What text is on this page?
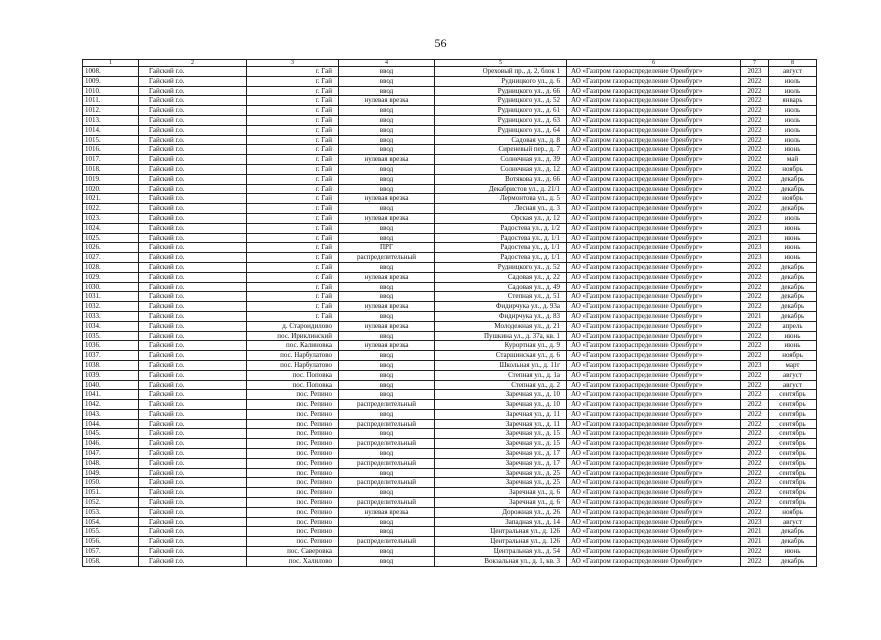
56
1	2	3	4	5	6	7	8
1008.	Гайский г.о.	г. Гай	ввод	Ореховый пр., д. 2, блок 1	АО «Газпром газораспределение Оренбург»	2023	август
1009.	Гайский г.о.	г. Гай	ввод	Рудницкого ул., д. 6	АО «Газпром газораспределение Оренбург»	2022	июль
1010.	Гайский г.о.	г. Гай	ввод	Рудницкого ул., д. 66	АО «Газпром газораспределение Оренбург»	2022	июль
1011.	Гайский г.о.	г. Гай	нулевая врезка	Рудницкого ул., д. 52	АО «Газпром газораспределение Оренбург»	2022	январь
1012.	Гайский г.о.	г. Гай	ввод	Рудницкого ул., д. 61	АО «Газпром газораспределение Оренбург»	2022	июль
1013.	Гайский г.о.	г. Гай	ввод	Рудницкого ул., д. 63	АО «Газпром газораспределение Оренбург»	2022	июль
1014.	Гайский г.о.	г. Гай	ввод	Рудницкого ул., д. 64	АО «Газпром газораспределение Оренбург»	2022	июль
1015.	Гайский г.о.	г. Гай	ввод	Садовая ул., д. 8	АО «Газпром газораспределение Оренбург»	2022	июль
1016.	Гайский г.о.	г. Гай	ввод	Сиреневый пер., д. 7	АО «Газпром газораспределение Оренбург»	2022	июнь
1017.	Гайский г.о.	г. Гай	нулевая врезка	Солнечная ул., д. 39	АО «Газпром газораспределение Оренбург»	2022	май
1018.	Гайский г.о.	г. Гай	ввод	Солнечная ул., д. 12	АО «Газпром газораспределение Оренбург»	2022	ноябрь
1019.	Гайский г.о.	г. Гай	ввод	Вотякова ул., д. 66	АО «Газпром газораспределение Оренбург»	2022	декабрь
1020.	Гайский г.о.	г. Гай	ввод	Декабристов ул., д. 21/1	АО «Газпром газораспределение Оренбург»	2022	декабрь
1021.	Гайский г.о.	г. Гай	нулевая врезка	Лермонтова ул., д. 5	АО «Газпром газораспределение Оренбург»	2022	ноябрь
1022.	Гайский г.о.	г. Гай	ввод	Лесная ул., д. 3	АО «Газпром газораспределение Оренбург»	2022	декабрь
1023.	Гайский г.о.	г. Гай	нулевая врезка	Орская ул., д. 12	АО «Газпром газораспределение Оренбург»	2022	июль
1024.	Гайский г.о.	г. Гай	ввод	Радостева ул., д. 1/2	АО «Газпром газораспределение Оренбург»	2023	июнь
1025.	Гайский г.о.	г. Гай	ввод	Радостева ул., д. 1/1	АО «Газпром газораспределение Оренбург»	2023	июнь
1026.	Гайский г.о.	г. Гай	ПРГ	Радостева ул., д. 1/1	АО «Газпром газораспределение Оренбург»	2023	июнь
1027.	Гайский г.о.	г. Гай	распределительный	Радостева ул., д. 1/1	АО «Газпром газораспределение Оренбург»	2023	июнь
1028.	Гайский г.о.	г. Гай	ввод	Рудницкого ул., д. 52	АО «Газпром газораспределение Оренбург»	2022	декабрь
1029.	Гайский г.о.	г. Гай	нулевая врезка	Садовая ул., д. 22	АО «Газпром газораспределение Оренбург»	2022	декабрь
1030.	Гайский г.о.	г. Гай	ввод	Садовая ул., д. 49	АО «Газпром газораспределение Оренбург»	2022	декабрь
1031.	Гайский г.о.	г. Гай	ввод	Степная ул., д. 51	АО «Газпром газораспределение Оренбург»	2022	декабрь
1032.	Гайский г.о.	г. Гай	нулевая врезка	Фидирчука ул., д. 93а	АО «Газпром газораспределение Оренбург»	2022	декабрь
1033.	Гайский г.о.	г. Гай	ввод	Фидирчука ул., д. 83	АО «Газпром газораспределение Оренбург»	2021	декабрь
1034.	Гайский г.о.	д. Староидилово	нулевая врезка	Молодежная ул., д. 21	АО «Газпром газораспределение Оренбург»	2022	апрель
1035.	Гайский г.о.	пос. Ириклинский	ввод	Пушкина ул., д. 37а, кв. 1	АО «Газпром газораспределение Оренбург»	2022	июнь
1036.	Гайский г.о.	пос. Калиновка	нулевая врезка	Курортная ул., д. 9	АО «Газпром газораспределение Оренбург»	2022	июнь
1037.	Гайский г.о.	пос. Нарбулатово	ввод	Старшинская ул., д. 6	АО «Газпром газораспределение Оренбург»	2022	ноябрь
1038.	Гайский г.о.	пос. Нарбулатово	ввод	Школьная ул., д. 11г	АО «Газпром газораспределение Оренбург»	2023	март
1039.	Гайский г.о.	пос. Поповка	ввод	Степная ул., д. 1а	АО «Газпром газораспределение Оренбург»	2022	август
1040.	Гайский г.о.	пос. Поповка	ввод	Степная ул., д. 2	АО «Газпром газораспределение Оренбург»	2022	август
1041.	Гайский г.о.	пос. Репино	ввод	Заречная ул., д. 10	АО «Газпром газораспределение Оренбург»	2022	сентябрь
1042.	Гайский г.о.	пос. Репино	распределительный	Заречная ул., д. 10	АО «Газпром газораспределение Оренбург»	2022	сентябрь
1043.	Гайский г.о.	пос. Репино	ввод	Заречная ул., д. 11	АО «Газпром газораспределение Оренбург»	2022	сентябрь
1044.	Гайский г.о.	пос. Репино	распределительный	Заречная ул., д. 11	АО «Газпром газораспределение Оренбург»	2022	сентябрь
1045.	Гайский г.о.	пос. Репино	ввод	Заречная ул., д. 15	АО «Газпром газораспределение Оренбург»	2022	сентябрь
1046.	Гайский г.о.	пос. Репино	распределительный	Заречная ул., д. 15	АО «Газпром газораспределение Оренбург»	2022	сентябрь
1047.	Гайский г.о.	пос. Репино	ввод	Заречная ул., д. 17	АО «Газпром газораспределение Оренбург»	2022	сентябрь
1048.	Гайский г.о.	пос. Репино	распределительный	Заречная ул., д. 17	АО «Газпром газораспределение Оренбург»	2022	сентябрь
1049.	Гайский г.о.	пос. Репино	ввод	Заречная ул., д. 25	АО «Газпром газораспределение Оренбург»	2022	сентябрь
1050.	Гайский г.о.	пос. Репино	распределительный	Заречная ул., д. 25	АО «Газпром газораспределение Оренбург»	2022	сентябрь
1051.	Гайский г.о.	пос. Репино	ввод	Заречная ул., д. 6	АО «Газпром газораспределение Оренбург»	2022	сентябрь
1052.	Гайский г.о.	пос. Репино	распределительный	Заречная ул., д. 6	АО «Газпром газораспределение Оренбург»	2022	сентябрь
1053.	Гайский г.о.	пос. Репино	нулевая врезка	Дорожная ул., д. 26	АО «Газпром газораспределение Оренбург»	2022	ноябрь
1054.	Гайский г.о.	пос. Репино	ввод	Западная ул., д. 14	АО «Газпром газораспределение Оренбург»	2023	август
1055.	Гайский г.о.	пос. Репино	ввод	Центральная ул., д. 126	АО «Газпром газораспределение Оренбург»	2021	декабрь
1056.	Гайский г.о.	пос. Репино	распределительный	Центральная ул., д. 126	АО «Газпром газораспределение Оренбург»	2021	декабрь
1057.	Гайский г.о.	пос. Саверовка	ввод	Центральная ул., д. 54	АО «Газпром газораспределение Оренбург»	2022	июнь
1058.	Гайский г.о.	пос. Халилово	ввод	Вокзальная ул., д. 1, кв. 3	АО «Газпром газораспределение Оренбург»	2022	декабрь
